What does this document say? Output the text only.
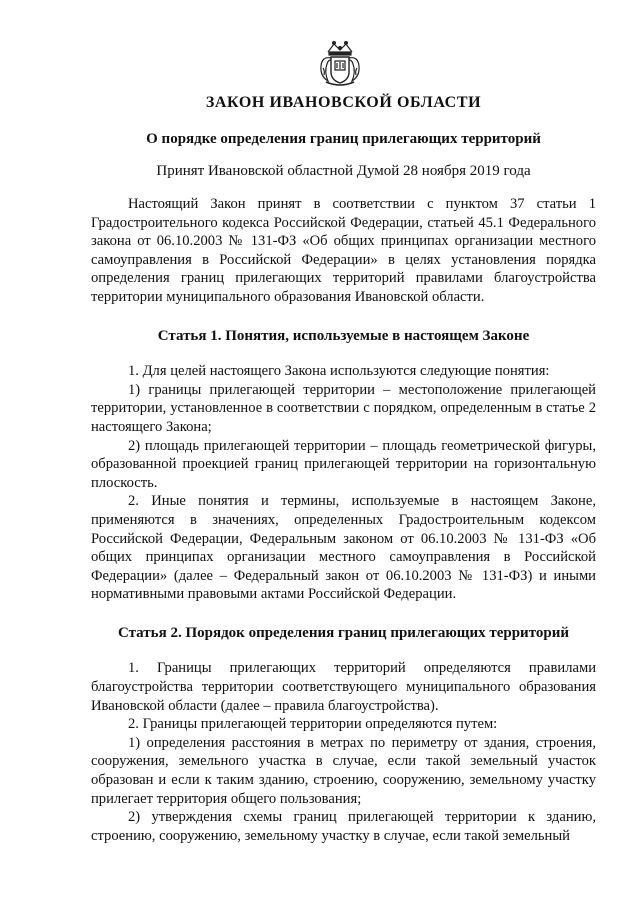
ЗАКОН ИВАНОВСКОЙ ОБЛАСТИ

О порядке определения границ прилегающих территорий

Принят Ивановской областной Думой 28 ноября 2019 года

Настоящий Закон принят в соответствии с пунктом 37 статьи 1 Градостроительного кодекса Российской Федерации, статьей 45.1 Федерального закона от 06.10.2003 № 131-ФЗ «Об общих принципах организации местного самоуправления в Российской Федерации» в целях установления порядка определения границ прилегающих территорий правилами благоустройства территории муниципального образования Ивановской области.

Статья 1. Понятия, используемые в настоящем Законе

1. Для целей настоящего Закона используются следующие понятия:

1) границы прилегающей территории – местоположение прилегающей территории, установленное в соответствии с порядком, определенным в статье 2 настоящего Закона;

2) площадь прилегающей территории – площадь геометрической фигуры, образованной проекцией границ прилегающей территории на горизонтальную плоскость.

2. Иные понятия и термины, используемые в настоящем Законе, применяются в значениях, определенных Градостроительным кодексом Российской Федерации, Федеральным законом от 06.10.2003 № 131-ФЗ «Об общих принципах организации местного самоуправления в Российской Федерации» (далее – Федеральный закон от 06.10.2003 № 131-ФЗ) и иными нормативными правовыми актами Российской Федерации.

Статья 2. Порядок определения границ прилегающих территорий

1. Границы прилегающих территорий определяются правилами благоустройства территории соответствующего муниципального образования Ивановской области (далее – правила благоустройства).

2. Границы прилегающей территории определяются путем:

1) определения расстояния в метрах по периметру от здания, строения, сооружения, земельного участка в случае, если такой земельный участок образован и если к таким зданию, строению, сооружению, земельному участку прилегает территория общего пользования;

2) утверждения схемы границ прилегающей территории к зданию, строению, сооружению, земельному участку в случае, если такой земельный
